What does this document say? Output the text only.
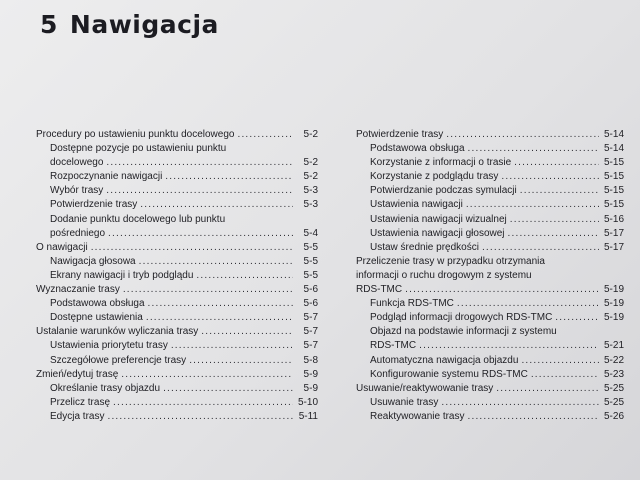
5 Nawigacja
Procedury po ustawieniu punktu docelowego .....	5-2
Dostępne pozycje po ustawieniu punktu
docelowego .....	5-2
Rozpoczynanie nawigacji .....	5-2
Wybór trasy .....	5-3
Potwierdzenie trasy .....	5-3
Dodanie punktu docelowego lub punktu
pośredniego .....	5-4
O nawigacji .....	5-5
Nawigacja głosowa .....	5-5
Ekrany nawigacji i tryb podglądu .....	5-5
Wyznaczanie trasy .....	5-6
Podstawowa obsługa .....	5-6
Dostępne ustawienia .....	5-7
Ustalanie warunków wyliczania trasy .....	5-7
Ustawienia priorytetu trasy .....	5-7
Szczegółowe preferencje trasy .....	5-8
Zmień/edytuj trasę .....	5-9
Określanie trasy objazdu .....	5-9
Przelicz trasę .....	5-10
Edycja trasy .....	5-11
Potwierdzenie trasy .....	5-14
Podstawowa obsługa .....	5-14
Korzystanie z informacji o trasie .....	5-15
Korzystanie z podglądu trasy .....	5-15
Potwierdzanie podczas symulacji .....	5-15
Ustawienia nawigacji .....	5-15
Ustawienia nawigacji wizualnej .....	5-16
Ustawienia nawigacji głosowej .....	5-17
Ustaw średnie prędkości .....	5-17
Przeliczenie trasy w przypadku otrzymania
informacji o ruchu drogowym z systemu
RDS-TMC .....	5-19
Funkcja RDS-TMC .....	5-19
Podgląd informacji drogowych RDS-TMC .....	5-19
Objazd na podstawie informacji z systemu
RDS-TMC .....	5-21
Automatyczna nawigacja objazdu .....	5-22
Konfigurowanie systemu RDS-TMC .....	5-23
Usuwanie/reaktywowanie trasy .....	5-25
Usuwanie trasy .....	5-25
Reaktywowanie trasy .....	5-26
